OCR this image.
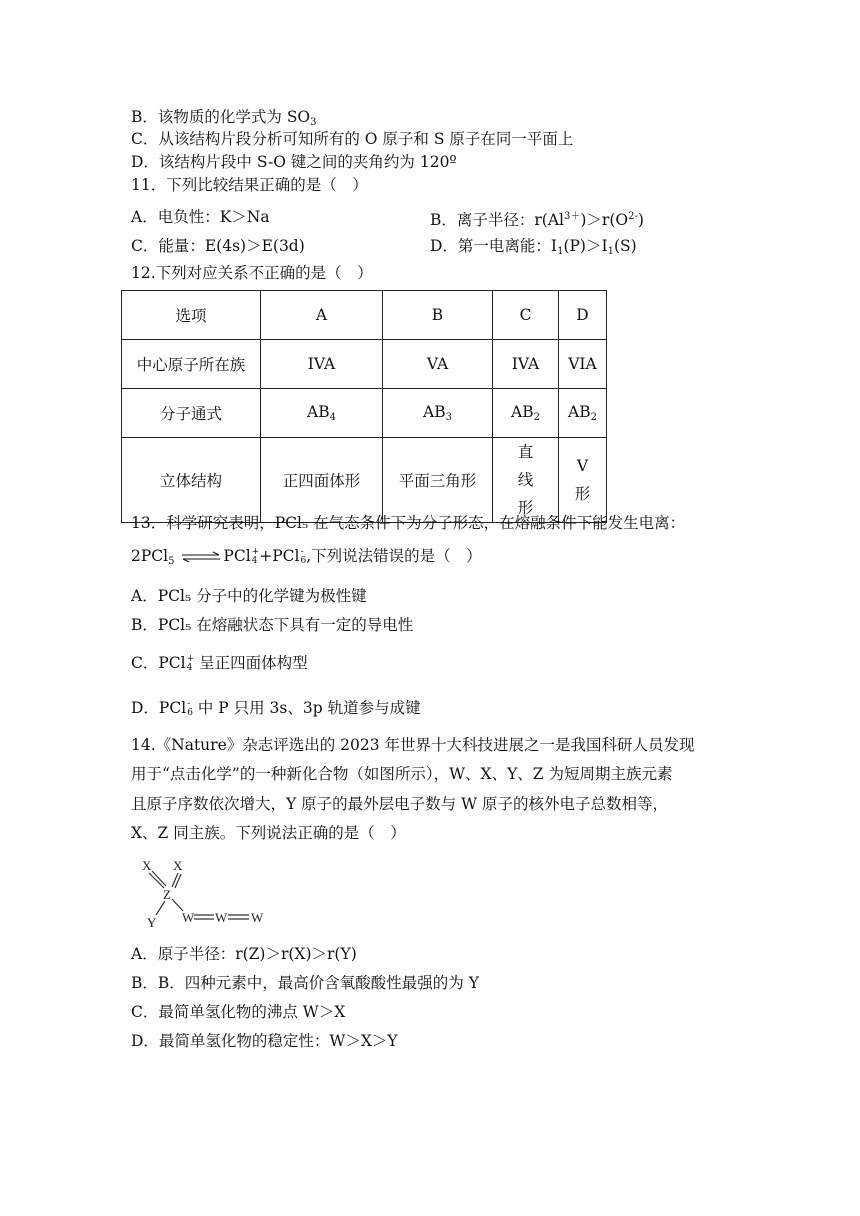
B．该物质的化学式为 $SO_3$
C．从该结构片段分析可知所有的 O 原子和 S 原子在同一平面上
D．该结构片段中 S-O 键之间的夹角约为 120º
11．下列比较结果正确的是（　）
A．电负性：K＞Na	B．离子半径：$r(Al^{3+})>r(O^{2-})$
C．能量：E(4s)＞E(3d)	D．第一电离能：$I_1(P)>I_1(S)$
12.下列对应关系不正确的是（　）
选项	A	B	C	D
中心原子所在族	IVA	VA	IVA	VIA
分子通式	$AB_4$	$AB_3$	$AB_2$	$AB_2$
立体结构	正四面体形	平面三角形	直线形	V形
13．科学研究表明，PCl₅ 在气态条件下为分子形态，在熔融条件下能发生电离：
2PCl$_5$ ⇌ PCl +
4 +PCl -
6 ,下列说法错误的是（　）
A．PCl₅ 分子中的化学键为极性键
B．PCl₅ 在熔融状态下具有一定的导电性
C．PCl +
4 呈正四面体构型
D．PCl -
6 中 P 只用 3s、3p 轨道参与成键
14.《Nature》杂志评选出的 2023 年世界十大科技进展之一是我国科研人员发现
用于“点击化学”的一种新化合物（如图所示），W、X、Y、Z 为短周期主族元素
且原子序数依次增大，Y 原子的最外层电子数与 W 原子的核外电子总数相等，
X、Z 同主族。下列说法正确的是（　）
X X
Z
Y W W W
A．原子半径：r(Z)＞r(X)＞r(Y)
B．B．四种元素中，最高价含氧酸酸性最强的为 Y
C．最简单氢化物的沸点 W＞X
D．最简单氢化物的稳定性：W＞X＞Y
